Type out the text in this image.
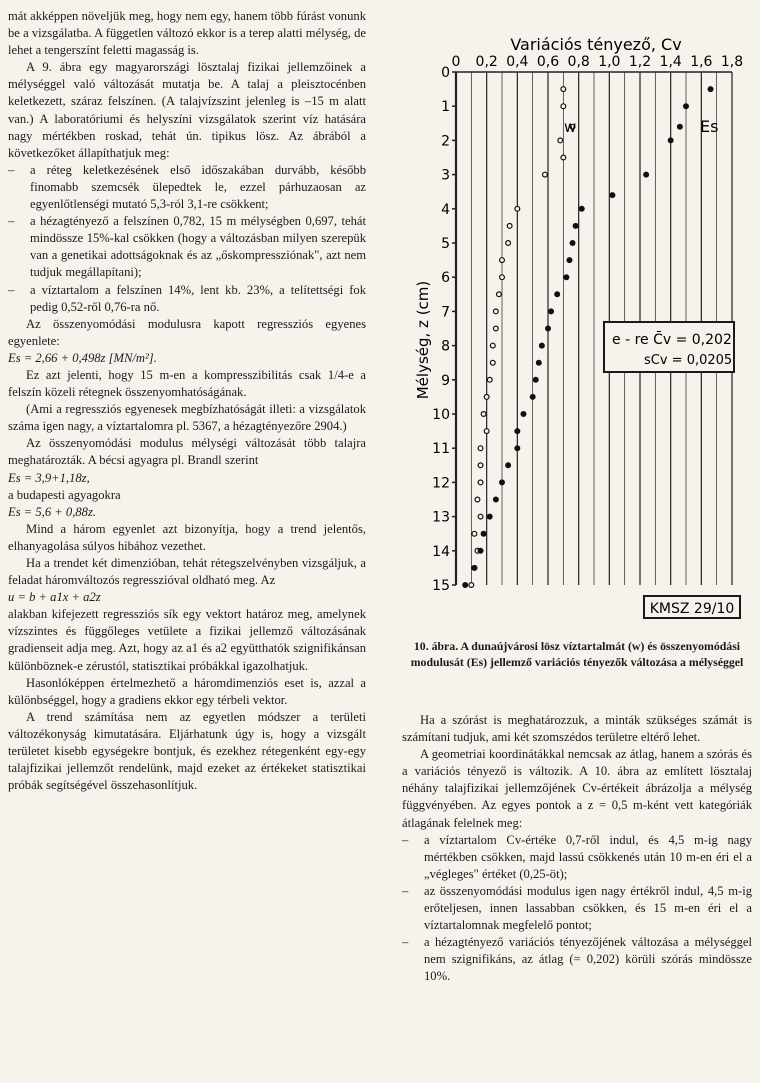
mát akképpen növeljük meg, hogy nem egy, hanem több fúrást vonunk be a vizsgálatba. A független változó ekkor is a terep alatti mélység, de lehet a tengerszínt feletti magasság is.

A 9. ábra egy magyarországi lösztalaj fizikai jellemzőinek a mélységgel való változását mutatja be. A talaj a pleisztocénben keletkezett, száraz felszínen. (A talajvízszint jelenleg is –15 m alatt van.) A laboratóriumi és helyszíni vizsgálatok szerint víz hatására nagy mértékben roskad, tehát ún. tipikus lösz. Az ábrából a következőket állapíthatjuk meg:

–	a réteg keletkezésének első időszakában durvább, később finomabb szemcsék ülepedtek le, ezzel párhuzaosan az egyenlőtlenségi mutató 5,3-ról 3,1-re csökkent;
–	a hézagtényező a felszínen 0,782, 15 m mélységben 0,697, tehát mindössze 15%-kal csökken (hogy a változásban milyen szerepük van a genetikai adottságoknak és az „őskompressziónak", azt nem tudjuk megállapítani);
–	a víztartalom a felszínen 14%, lent kb. 23%, a telítettségi fok pedig 0,52-ről 0,76-ra nő.

Az összenyomódási modulusra kapott regressziós egyenes egyenlete:

Es = 2,66 + 0,498z [MN/m²].

Ez azt jelenti, hogy 15 m-en a kompresszibilitás csak 1/4-e a felszín közeli rétegnek összenyomhatóságának.

(Ami a regressziós egyenesek megbízhatóságát illeti: a vizsgálatok száma igen nagy, a víztartalomra pl. 5367, a hézagtényezőre 2904.)

Az összenyomódási modulus mélységi változását több talajra meghatározták. A bécsi agyagra pl. Brandl szerint

Es = 3,9+1,18z,

a budapesti agyagokra

Es = 5,6 + 0,88z.

Mind a három egyenlet azt bizonyítja, hogy a trend jelentős, elhanyagolása súlyos hibához vezethet.

Ha a trendet két dimenzióban, tehát rétegszelvényben vizsgáljuk, a feladat háromváltozós regresszióval oldható meg. Az

u = b + a1x + a2z

alakban kifejezett regressziós sík egy vektort határoz meg, amelynek vízszintes és függőleges vetülete a fizikai jellemző változásának gradienseit adja meg. Azt, hogy az a1 és a2 együtthatók szignifikánsan különböznek-e zérustól, statisztikai próbákkal igazolhatjuk.

Hasonlóképpen értelmezhető a háromdimenziós eset is, azzal a különbséggel, hogy a gradiens ekkor egy térbeli vektor.

A trend számítása nem az egyetlen módszer a területi változékonyság kimutatására. Eljárhatunk úgy is, hogy a vizsgált területet kisebb egységekre bontjuk, és ezekhez rétegenként egy-egy talajfizikai jellemzőt rendelünk, majd ezeket az értékeket statisztikai próbák segítségével összehasonlítjuk.

Variációs tényező, Cv
0 0,2 0,4 0,6 0,8 1,0 1,2 1,4 1,6 1,8
0
1
2
3
4
5
6
7
8
9
10
11
12
13
14
15
Mélység, z (cm)
w	Es
e - re C̄v = 0,202
sCv = 0,0205
KMSZ 29/10
10. ábra. A dunaújvárosi lösz víztartalmát (w) és összenyomódási modulusát (Es) jellemző variációs tényezők változása a mélységgel

Ha a szórást is meghatározzuk, a minták szükséges számát is számítani tudjuk, ami két szomszédos területre eltérő lehet.

A geometriai koordinátákkal nemcsak az átlag, hanem a szórás és a variációs tényező is változik. A 10. ábra az említett lösztalaj néhány talajfizikai jellemzőjének Cv-értékeit ábrázolja a mélység függvényében. Az egyes pontok a z = 0,5 m-ként vett kategóriák átlagának felelnek meg:

–	a víztartalom Cv-értéke 0,7-ről indul, és 4,5 m-ig nagy mértékben csökken, majd lassú csökkenés után 10 m-en éri el a „végleges" értéket (0,25-öt);
–	az összenyomódási modulus igen nagy értékről indul, 4,5 m-ig erőteljesen, innen lassabban csökken, és 15 m-en éri el a víztartalomnak megfelelő pontot;
–	a hézagtényező variációs tényezőjének változása a mélységgel nem szignifikáns, az átlag (= 0,202) körüli szórás mindössze 10%.
